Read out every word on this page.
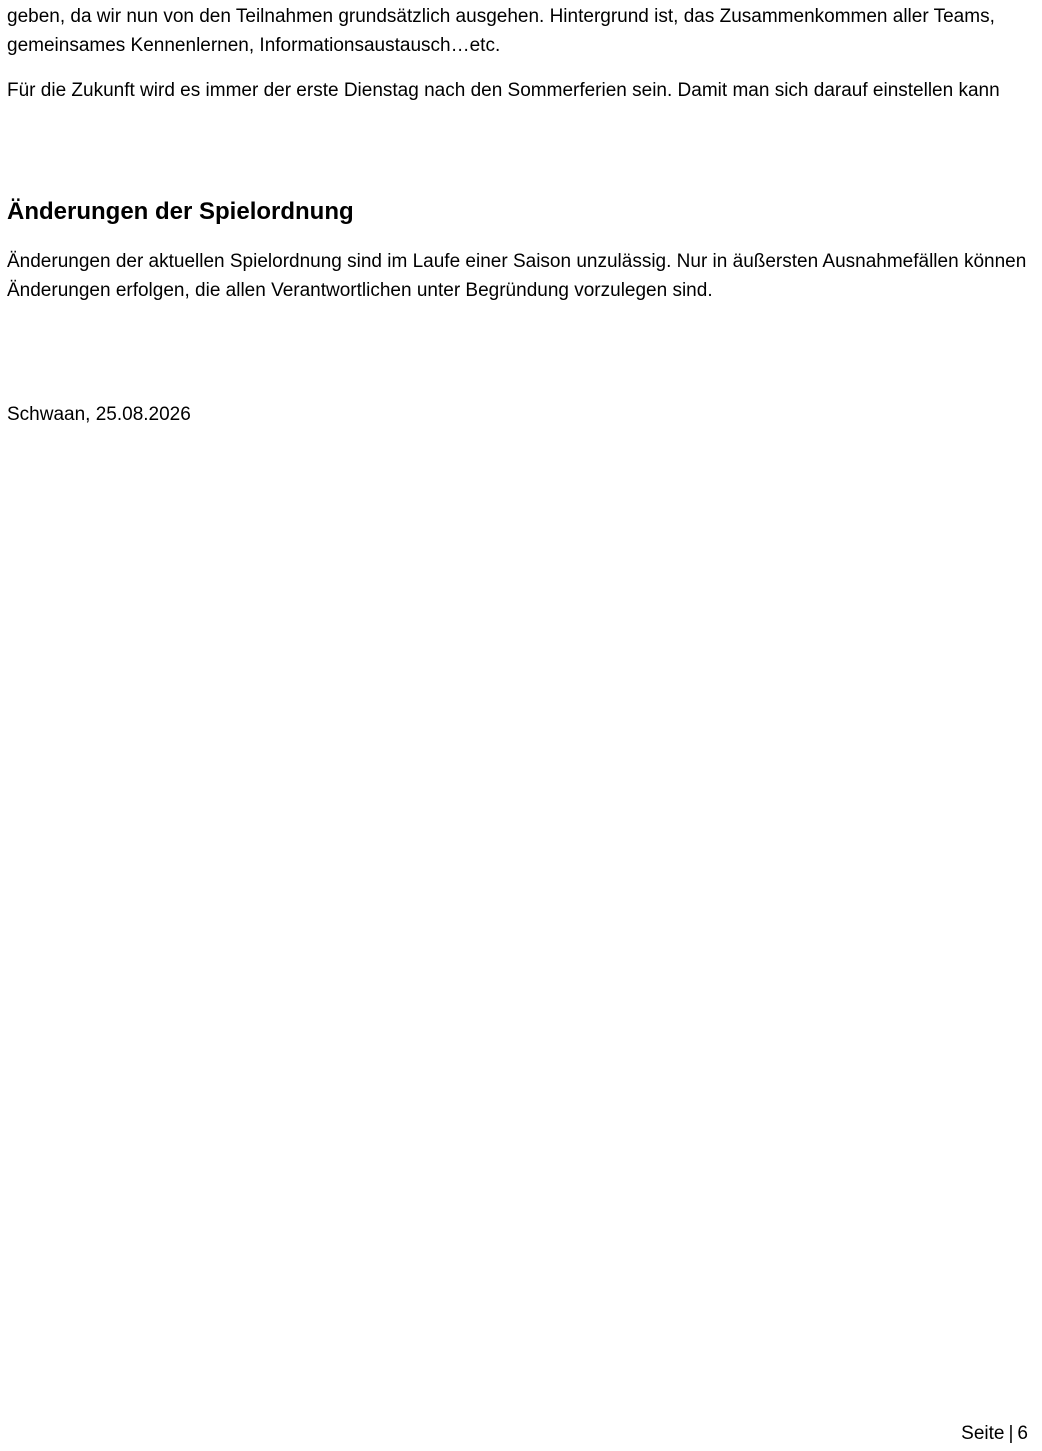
geben, da wir nun von den Teilnahmen grundsätzlich ausgehen. Hintergrund ist, das Zusammenkommen aller Teams, gemeinsames Kennenlernen, Informationsaustausch…etc.

Für die Zukunft wird es immer der erste Dienstag nach den Sommerferien sein. Damit man sich darauf einstellen kann

Änderungen der Spielordnung

Änderungen der aktuellen Spielordnung sind im Laufe einer Saison unzulässig. Nur in äußersten Ausnahmefällen können Änderungen erfolgen, die allen Verantwortlichen unter Begründung vorzulegen sind.

Schwaan, 25.08.2026

Seite | 6
